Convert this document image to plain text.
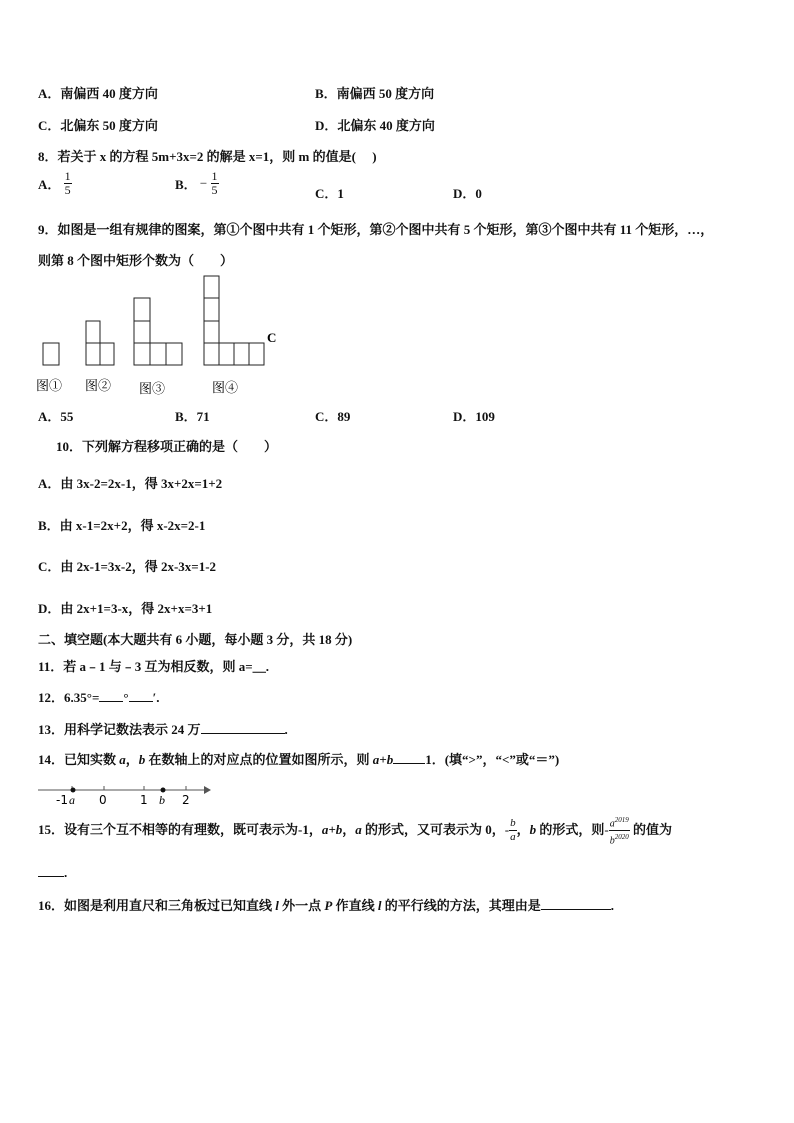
A．南偏西 40 度方向	B．南偏西 50 度方向
C．北偏东 50 度方向	D．北偏东 40 度方向
8．若关于 x 的方程 5m+3x=2 的解是 x=1，则 m 的值是(　 )
A． $\frac{1}{5}$	B． − $\frac{1}{5}$	C．1	D．0
9．如图是一组有规律的图案，第①个图中共有 1 个矩形，第②个图中共有 5 个矩形，第③个图中共有 11 个矩形，…，
则第 8 个图中矩形个数为（　　）
C
图① 图② 图③	图④
A．55	B．71	C．89	D．109
10．下列解方程移项正确的是（　　）
A．由 3x-2=2x-1，得 3x+2x=1+2
B．由 x-1=2x+2，得 x-2x=2-1
C．由 2x-1=3x-2，得 2x-3x=1-2
D．由 2x+1=3-x，得 2x+x=3+1
二、填空题(本大题共有 6 小题，每小题 3 分，共 18 分)
11．若 a﹣1 与﹣3 互为相反数，则 a=＿.
12．6.35°= ° ′.
13．用科学记数法表示 24 万	.
14．已知实数 a，b 在数轴上的对应点的位置如图所示，则 a+b 1．(填“>”，“<”或“＝”)
-1 a 0	1 b 2
15．设有三个互不相等的有理数，既可表示为-1，a+b，a 的形式，又可表示为 0，- $\frac{b}{a}$ ，b 的形式，则- $\frac{a^{2019}}{b^{2020}}$ 的值为
.
16．如图是利用直尺和三角板过已知直线 l 外一点 P 作直线 l 的平行线的方法，其理由是	.
